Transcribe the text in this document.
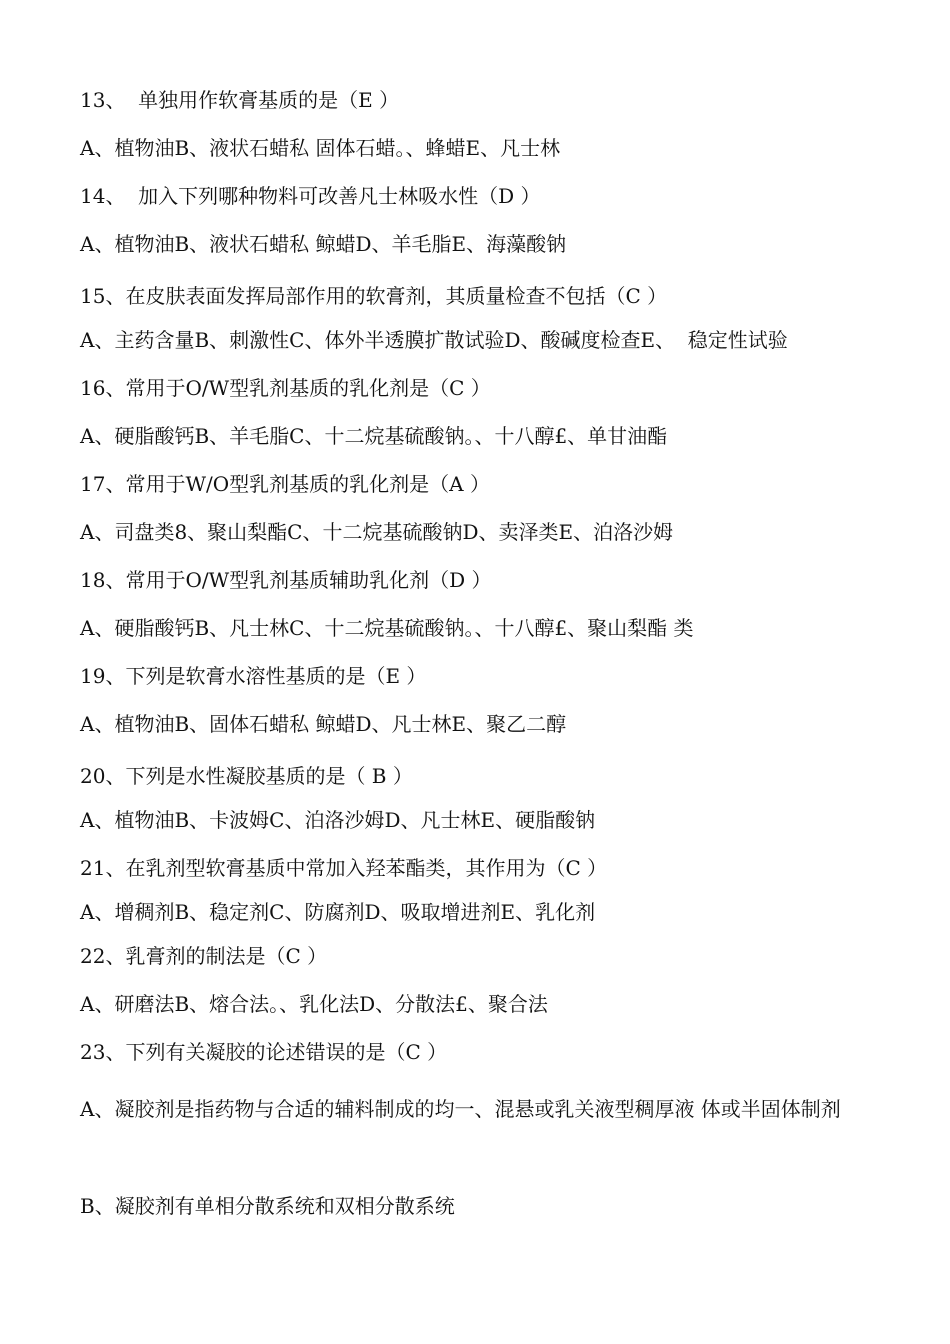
13、  单独用作软膏基质的是（E ）
A、植物油B、液状石蜡私 固体石蜡。、蜂蜡E、凡士林
14、  加入下列哪种物料可改善凡士林吸水性（D ）
A、植物油B、液状石蜡私 鲸蜡D、羊毛脂E、海藻酸钠
15、在皮肤表面发挥局部作用的软膏剂，其质量检查不包括（C ）
A、主药含量B、刺激性C、体外半透膜扩散试验D、酸碱度检查E、  稳定性试验
16、常用于O/W型乳剂基质的乳化剂是（C ）
A、硬脂酸钙B、羊毛脂C、十二烷基硫酸钠。、十八醇£、单甘油酯
17、常用于W/O型乳剂基质的乳化剂是（A ）
A、司盘类8、聚山梨酯C、十二烷基硫酸钠D、卖泽类E、泊洛沙姆
18、常用于O/W型乳剂基质辅助乳化剂（D ）
A、硬脂酸钙B、凡士林C、十二烷基硫酸钠。、十八醇£、聚山梨酯 类
19、下列是软膏水溶性基质的是（E ）
A、植物油B、固体石蜡私 鲸蜡D、凡士林E、聚乙二醇
20、下列是水性凝胶基质的是（ B ）
A、植物油B、卡波姆C、泊洛沙姆D、凡士林E、硬脂酸钠
21、在乳剂型软膏基质中常加入羟苯酯类，其作用为（C ）
A、增稠剂B、稳定剂C、防腐剂D、吸取增进剂E、乳化剂
22、乳膏剂的制法是（C ）
A、研磨法B、熔合法。、乳化法D、分散法£、聚合法
23、下列有关凝胶的论述错误的是（C ）
A、凝胶剂是指药物与合适的辅料制成的均一、混悬或乳关液型稠厚液 体或半固体制剂
B、凝胶剂有单相分散系统和双相分散系统
